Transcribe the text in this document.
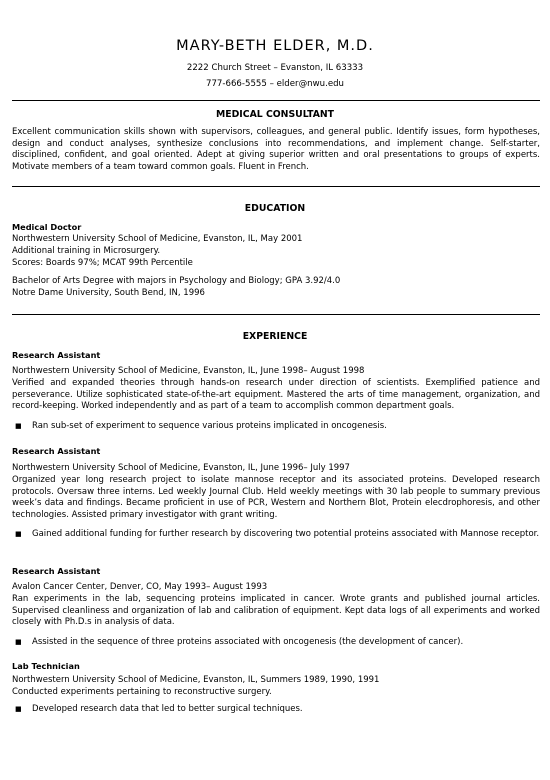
MARY-BETH ELDER, M.D.
2222 Church Street – Evanston, IL 63333
777-666-5555 – elder@nwu.edu
MEDICAL CONSULTANT
Excellent communication skills shown with supervisors, colleagues, and general public. Identify issues, form hypotheses, design and conduct analyses, synthesize conclusions into recommendations, and implement change. Self-starter, disciplined, confident, and goal oriented. Adept at giving superior written and oral presentations to groups of experts. Motivate members of a team toward common goals. Fluent in French.
EDUCATION
Medical Doctor
Northwestern University School of Medicine, Evanston, IL, May 2001
Additional training in Microsurgery.
Scores: Boards 97%; MCAT 99th Percentile
Bachelor of Arts Degree with majors in Psychology and Biology; GPA 3.92/4.0
Notre Dame University, South Bend, IN, 1996
EXPERIENCE
Research Assistant
Northwestern University School of Medicine, Evanston, IL, June 1998– August 1998
Verified and expanded theories through hands-on research under direction of scientists. Exemplified patience and perseverance. Utilize sophisticated state-of-the-art equipment. Mastered the arts of time management, organization, and record-keeping. Worked independently and as part of a team to accomplish common department goals.
■ Ran sub-set of experiment to sequence various proteins implicated in oncogenesis.
Research Assistant
Northwestern University School of Medicine, Evanston, IL, June 1996– July 1997
Organized year long research project to isolate mannose receptor and its associated proteins. Developed research protocols. Oversaw three interns. Led weekly Journal Club. Held weekly meetings with 30 lab people to summary previous week’s data and findings. Became proficient in use of PCR, Western and Northern Blot, Protein elecdrophoresis, and other technologies. Assisted primary investigator with grant writing.
■ Gained additional funding for further research by discovering two potential proteins associated with Mannose receptor.
Research Assistant
Avalon Cancer Center, Denver, CO, May 1993– August 1993
Ran experiments in the lab, sequencing proteins implicated in cancer. Wrote grants and published journal articles. Supervised cleanliness and organization of lab and calibration of equipment. Kept data logs of all experiments and worked closely with Ph.D.s in analysis of data.
■ Assisted in the sequence of three proteins associated with oncogenesis (the development of cancer).
Lab Technician
Northwestern University School of Medicine, Evanston, IL, Summers 1989, 1990, 1991
Conducted experiments pertaining to reconstructive surgery.
■ Developed research data that led to better surgical techniques.
